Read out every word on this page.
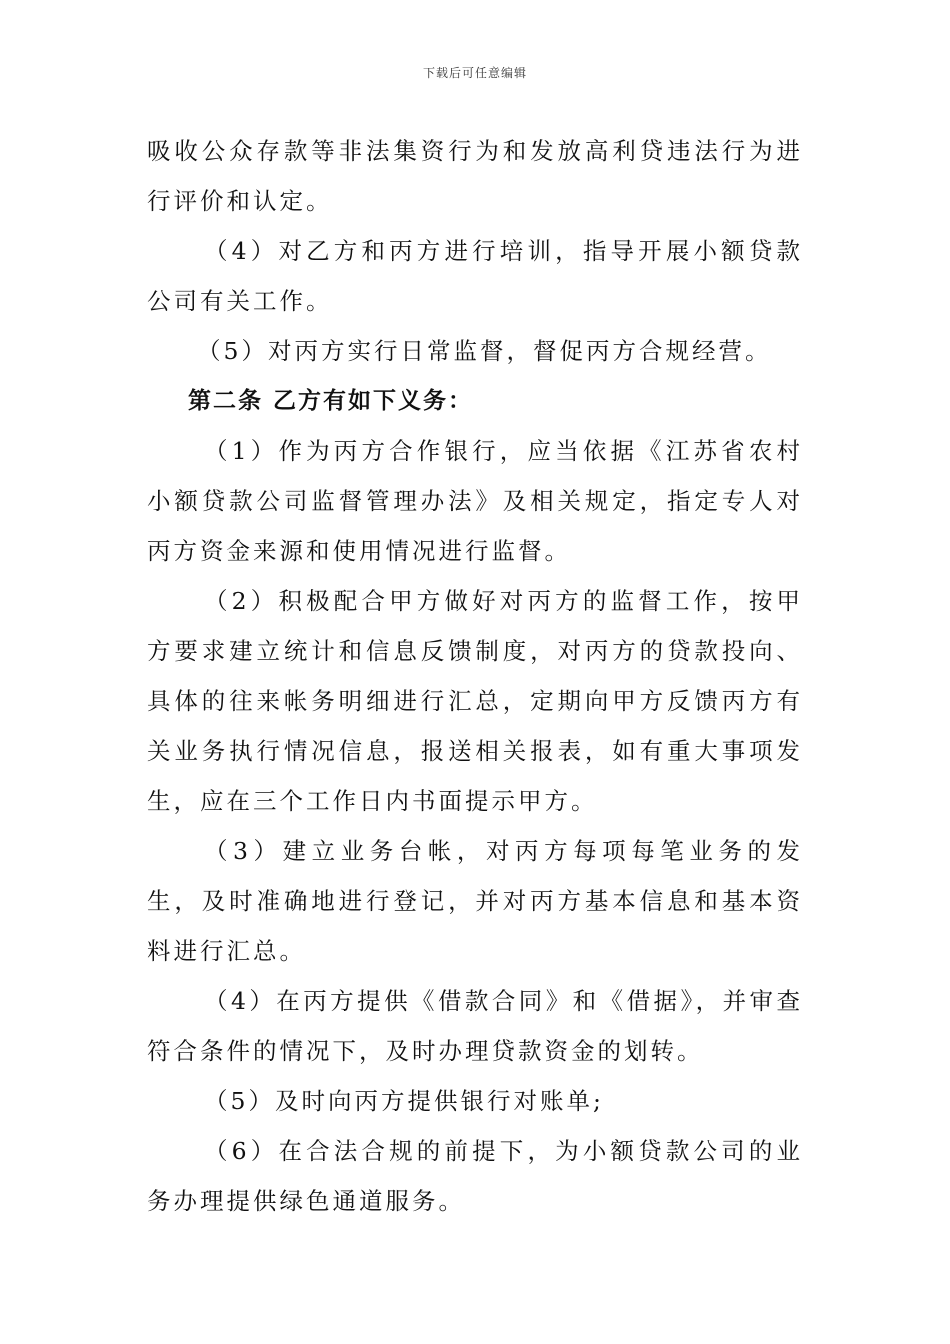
下载后可任意编辑

吸收公众存款等非法集资行为和发放高利贷违法行为进行评价和认定。

（4）对乙方和丙方进行培训，指导开展小额贷款公司有关工作。

（5）对丙方实行日常监督，督促丙方合规经营。

第二条 乙方有如下义务：

（1）作为丙方合作银行，应当依据《江苏省农村小额贷款公司监督管理办法》及相关规定，指定专人对丙方资金来源和使用情况进行监督。

（2）积极配合甲方做好对丙方的监督工作，按甲方要求建立统计和信息反馈制度，对丙方的贷款投向、具体的往来帐务明细进行汇总，定期向甲方反馈丙方有关业务执行情况信息，报送相关报表，如有重大事项发生，应在三个工作日内书面提示甲方。

（3）建立业务台帐，对丙方每项每笔业务的发生，及时准确地进行登记，并对丙方基本信息和基本资料进行汇总。

（4）在丙方提供《借款合同》和《借据》，并审查符合条件的情况下，及时办理贷款资金的划转。

（5）及时向丙方提供银行对账单;

（6）在合法合规的前提下，为小额贷款公司的业务办理提供绿色通道服务。
